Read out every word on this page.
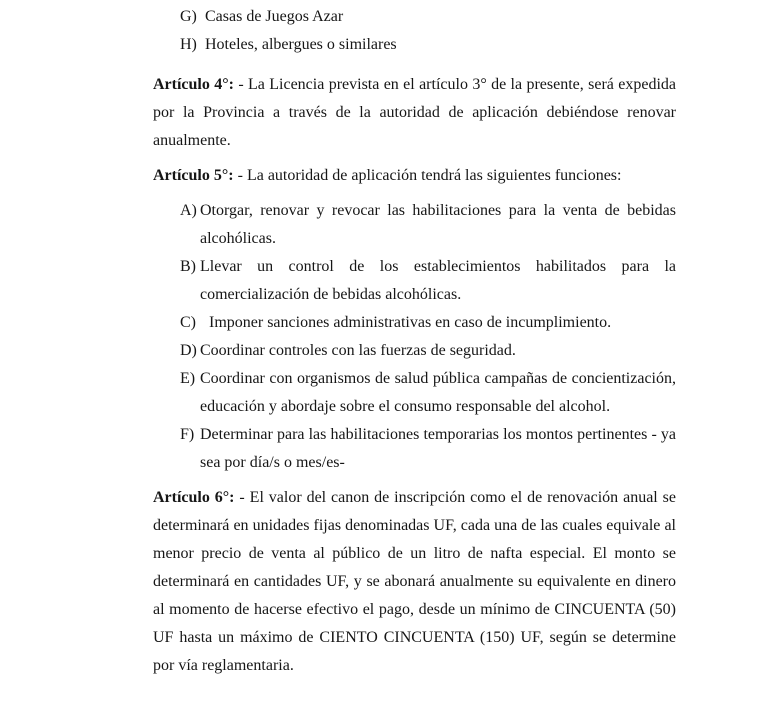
G) Casas de Juegos Azar
H) Hoteles, albergues o similares

Artículo 4°: - La Licencia prevista en el artículo 3° de la presente, será expedida por la Provincia a través de la autoridad de aplicación debiéndose renovar anualmente.

Artículo 5°: - La autoridad de aplicación tendrá las siguientes funciones:

A) Otorgar, renovar y revocar las habilitaciones para la venta de bebidas alcohólicas.
B) Llevar un control de los establecimientos habilitados para la comercialización de bebidas alcohólicas.
C) Imponer sanciones administrativas en caso de incumplimiento.
D) Coordinar controles con las fuerzas de seguridad.
E) Coordinar con organismos de salud pública campañas de concientización, educación y abordaje sobre el consumo responsable del alcohol.
F) Determinar para las habilitaciones temporarias los montos pertinentes - ya sea por día/s o mes/es-

Artículo 6°: - El valor del canon de inscripción como el de renovación anual se determinará en unidades fijas denominadas UF, cada una de las cuales equivale al menor precio de venta al público de un litro de nafta especial. El monto se determinará en cantidades UF, y se abonará anualmente su equivalente en dinero al momento de hacerse efectivo el pago, desde un mínimo de CINCUENTA (50) UF hasta un máximo de CIENTO CINCUENTA (150) UF, según se determine por vía reglamentaria.
